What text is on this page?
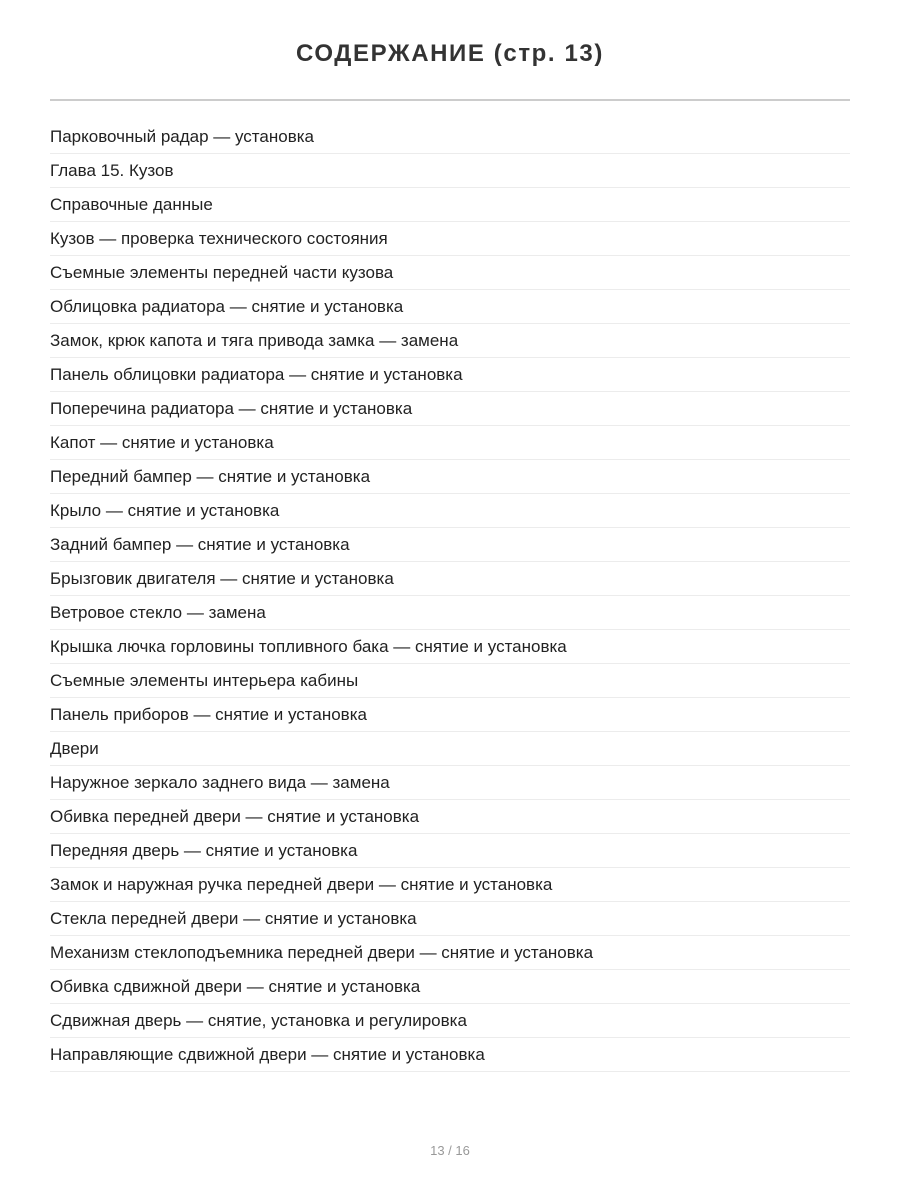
СОДЕРЖАНИЕ (стр. 13)
Парковочный радар — установка
Глава 15. Кузов
Справочные данные
Кузов — проверка технического состояния
Съемные элементы передней части кузова
Облицовка радиатора — снятие и установка
Замок, крюк капота и тяга привода замка — замена
Панель облицовки радиатора — снятие и установка
Поперечина радиатора — снятие и установка
Капот — снятие и установка
Передний бампер — снятие и установка
Крыло — снятие и установка
Задний бампер — снятие и установка
Брызговик двигателя — снятие и установка
Ветровое стекло — замена
Крышка лючка горловины топливного бака — снятие и установка
Съемные элементы интерьера кабины
Панель приборов — снятие и установка
Двери
Наружное зеркало заднего вида — замена
Обивка передней двери — снятие и установка
Передняя дверь — снятие и установка
Замок и наружная ручка передней двери — снятие и установка
Стекла передней двери — снятие и установка
Механизм стеклоподъемника передней двери — снятие и установка
Обивка сдвижной двери — снятие и установка
Сдвижная дверь — снятие, установка и регулировка
Направляющие сдвижной двери — снятие и установка
13 / 16
